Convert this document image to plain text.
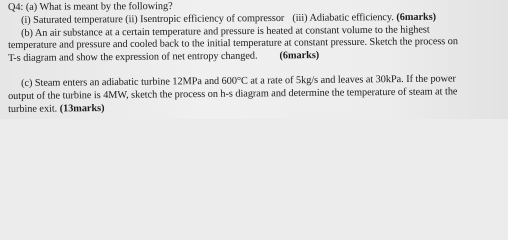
Q4: (a) What is meant by the following?
(i) Saturated temperature (ii) Isentropic efficiency of compressor (iii) Adiabatic efficiency. (6marks)
(b) An air substance at a certain temperature and pressure is heated at constant volume to the highest
temperature and pressure and cooled back to the initial temperature at constant pressure. Sketch the process on
T-s diagram and show the expression of net entropy changed. (6marks)
(c) Steam enters an adiabatic turbine 12MPa and 600°C at a rate of 5kg/s and leaves at 30kPa. If the power
output of the turbine is 4MW, sketch the process on h-s diagram and determine the temperature of steam at the
turbine exit. (13marks)
